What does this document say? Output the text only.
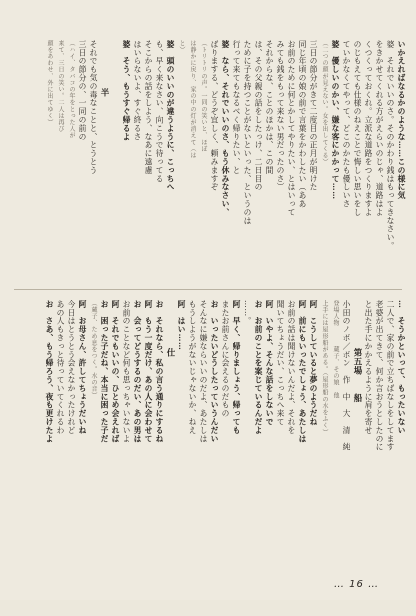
いかえればなるかのような……この様に気
婆　それでいいのさ。そのかわり銭はもってきなさい。
をきかせてくれる方がえらいのじゃ、道路はよ
くつくっておくれ。立派な道路をつくりますよ
のじもえても仕様のねえことで悔しい思いをし
ていかなくてやって、どこのかたも優しいさ
婆　優しいのかい、嫌な客にかかって……
（二つの顔が見えない。女を出してくる）
三日の節分がきて二度目の正月が明けた
同じ年頃の娘の前で言葉をかわしたい（ああ
お前のために何とかしてやりたい、とはいって
みても銭をもって来ない男だったのさ）
それからな、ことのほかは、この間
は、その父親の話をしたっけ、二日目の
ために子を持つことがないといった、というのは
行って来てもなるべく帰りたい、と
婆　なら、それでいいのさ、もう休みなさい、
ばりまする、どうぞ宜しく、頼みますぞ
（トリトリの声。一同の笑いと、ほぼ
は静かに戻り、家の中の灯が消えて（は
と）
婆　頭のいいのが違うように、こっちへ
も、早く来なさい、向こうで待ってる
そこからの話をしよう、なあに遠慮
はいらないよ、すぐ終るさ
婆　そう、もうすぐ帰るよ

半
それでも気の毒なことと、とうとう
三日の節分の、一同の前の
（ハイ、タバコの年をとった人が
来て、三日の笑い。二人は再び
顔をあわせ、外に出てゆく）
…　そうかといって、もったいない
二人で、家の前で立ちばなしをしてます
老婆が出てきて、何か言おうとしたのに
と出た手にかかえるように肩を寄せ
第五場　　船
小田のノボ／ボン　作　中　大　清　純
登場人物　　　蔵子、その娘　他
上手には屋形船がある。（屋形船の水をふく）
阿　こうしていると夢のようだね
阿　前にもいったでしょう、あたしは
お前の話は聞けないんだよ、それを
聞いてちょうだい、こっちへ来て
阿　いやよ、そんな話をしないで
お　お前のことを案じているんだよ
……。
阿　早く、帰りましょう、帰っても
またお前さんに会えるのだもの
お　いったいどうしたっていうんだい
そんなに嫌ならいいのだよ、あたしは
もうしようがないじゃないか、ねえ
阿　はい……
仕
お　それなら、私の言う通りにするね
阿　もう一度だけ、あの人に会わせて
お　会ってどうするのだい、あの男は
お前のことなど何も思っちゃいないよ
阿　それでもいいの、ひとめ会えれば
お　困った子だね、本当に困った子だ
（蔵子、ため息をつく。水の音）
阿　お母さん、許してちょうだいね
今日はとうとう会えなかったけれど
あの人もきっと待っていてくれるわ
お　さあ、もう帰ろう、夜も更けたよ
… 16 …
